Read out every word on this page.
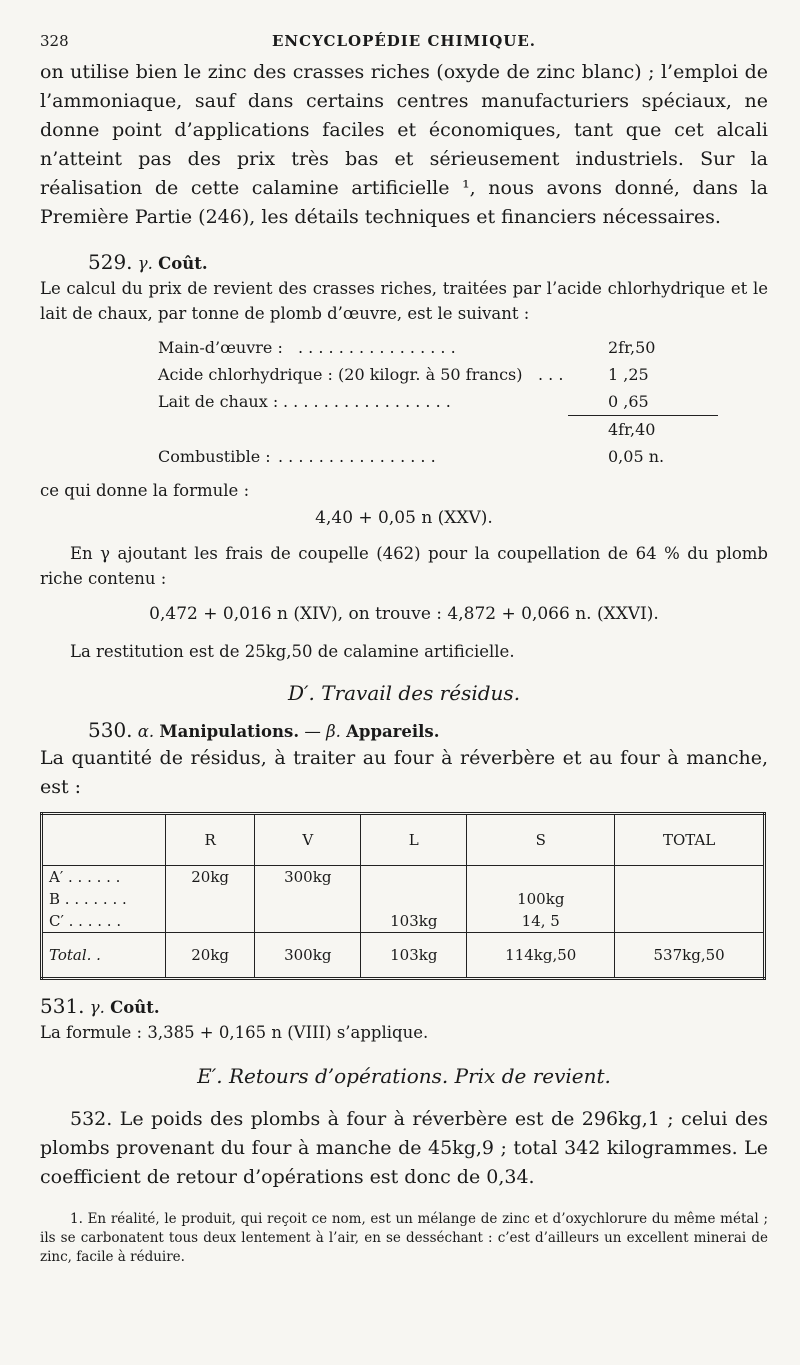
328	ENCYCLOPÉDIE CHIMIQUE.

on utilise bien le zinc des crasses riches (oxyde de zinc blanc) ; l’emploi de l’ammoniaque, sauf dans certains centres manufacturiers spéciaux, ne donne point d’applications faciles et économiques, tant que cet alcali n’atteint pas des prix très bas et sérieusement industriels. Sur la réalisation de cette calamine artificielle ¹, nous avons donné, dans la Première Partie (246), les détails techniques et financiers nécessaires.

529. γ. Coût.

Le calcul du prix de revient des crasses riches, traitées par l’acide chlorhydrique et le lait de chaux, par tonne de plomb d’œuvre, est le suivant :

Main-d’œuvre : . . . . . . . . . . . . . . . .	2fr,50
Acide chlorhydrique : (20 kilogr. à 50 francs) . . .	1 ,25
Lait de chaux : . . . . . . . . . . . . . . . . .	0 ,65
4fr,40
Combustible : . . . . . . . . . . . . . . . .	0,05 n.

ce qui donne la formule :

4,40 + 0,05 n (XXV).

En γ ajoutant les frais de coupelle (462) pour la coupellation de 64 % du plomb riche contenu :

0,472 + 0,016 n (XIV), on trouve : 4,872 + 0,066 n. (XXVI).

La restitution est de 25kg,50 de calamine artificielle.

D′. Travail des résidus.

530. α. Manipulations. — β. Appareils.

La quantité de résidus, à traiter au four à réverbère et au four à manche, est :

	R	V	L	S	TOTAL
A′ . . . . . .	20kg	300kg			
B . . . . . . .				100kg	
C′ . . . . . .			103kg	14, 5	
Total. .	20kg	300kg	103kg	114kg,50	537kg,50

531. γ. Coût.

La formule : 3,385 + 0,165 n (VIII) s’applique.

E′. Retours d’opérations. Prix de revient.

532. Le poids des plombs à four à réverbère est de 296kg,1 ; celui des plombs provenant du four à manche de 45kg,9 ; total 342 kilogrammes. Le coefficient de retour d’opérations est donc de 0,34.

1. En réalité, le produit, qui reçoit ce nom, est un mélange de zinc et d’oxychlorure du même métal ; ils se carbonatent tous deux lentement à l’air, en se desséchant : c’est d’ailleurs un excellent minerai de zinc, facile à réduire.
